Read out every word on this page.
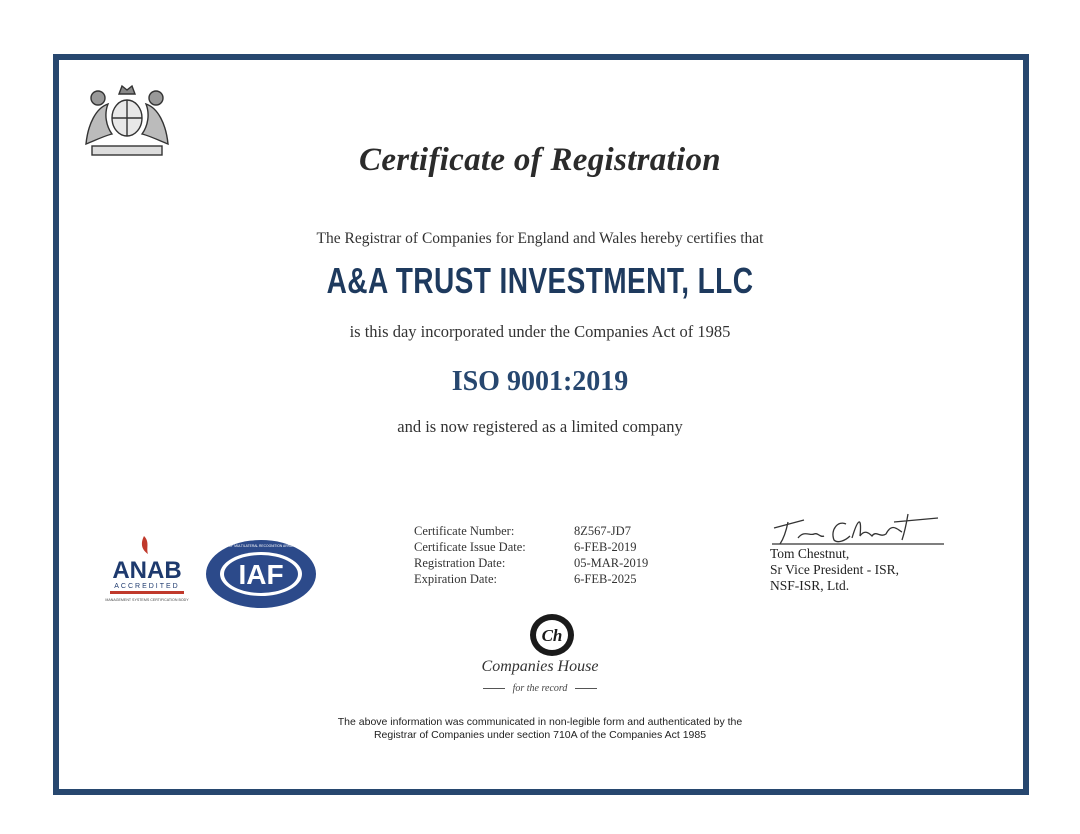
Certificate of Registration
The Registrar of Companies for England and Wales hereby certifies that
A&A TRUST INVESTMENT, LLC
is this day incorporated under the Companies Act of 1985
ISO 9001:2019
and is now registered as a limited company
ANAB
ACCREDITED
MANAGEMENT SYSTEMS CERTIFICATION BODY
IAF
MEMBER OF MULTILATERAL RECOGNITION ARRANGEMENT
Certificate Number:	8Z567-JD7
Certificate Issue Date:	6-FEB-2019
Registration Date:	05-MAR-2019
Expiration Date:	6-FEB-2025
Tom Chestnut,
Sr Vice President - ISR,
NSF-ISR, Ltd.
Ch
Companies House
for the record
The above information was communicated in non-legible form and authenticated by the
Registrar of Companies under section 710A of the Companies Act 1985
